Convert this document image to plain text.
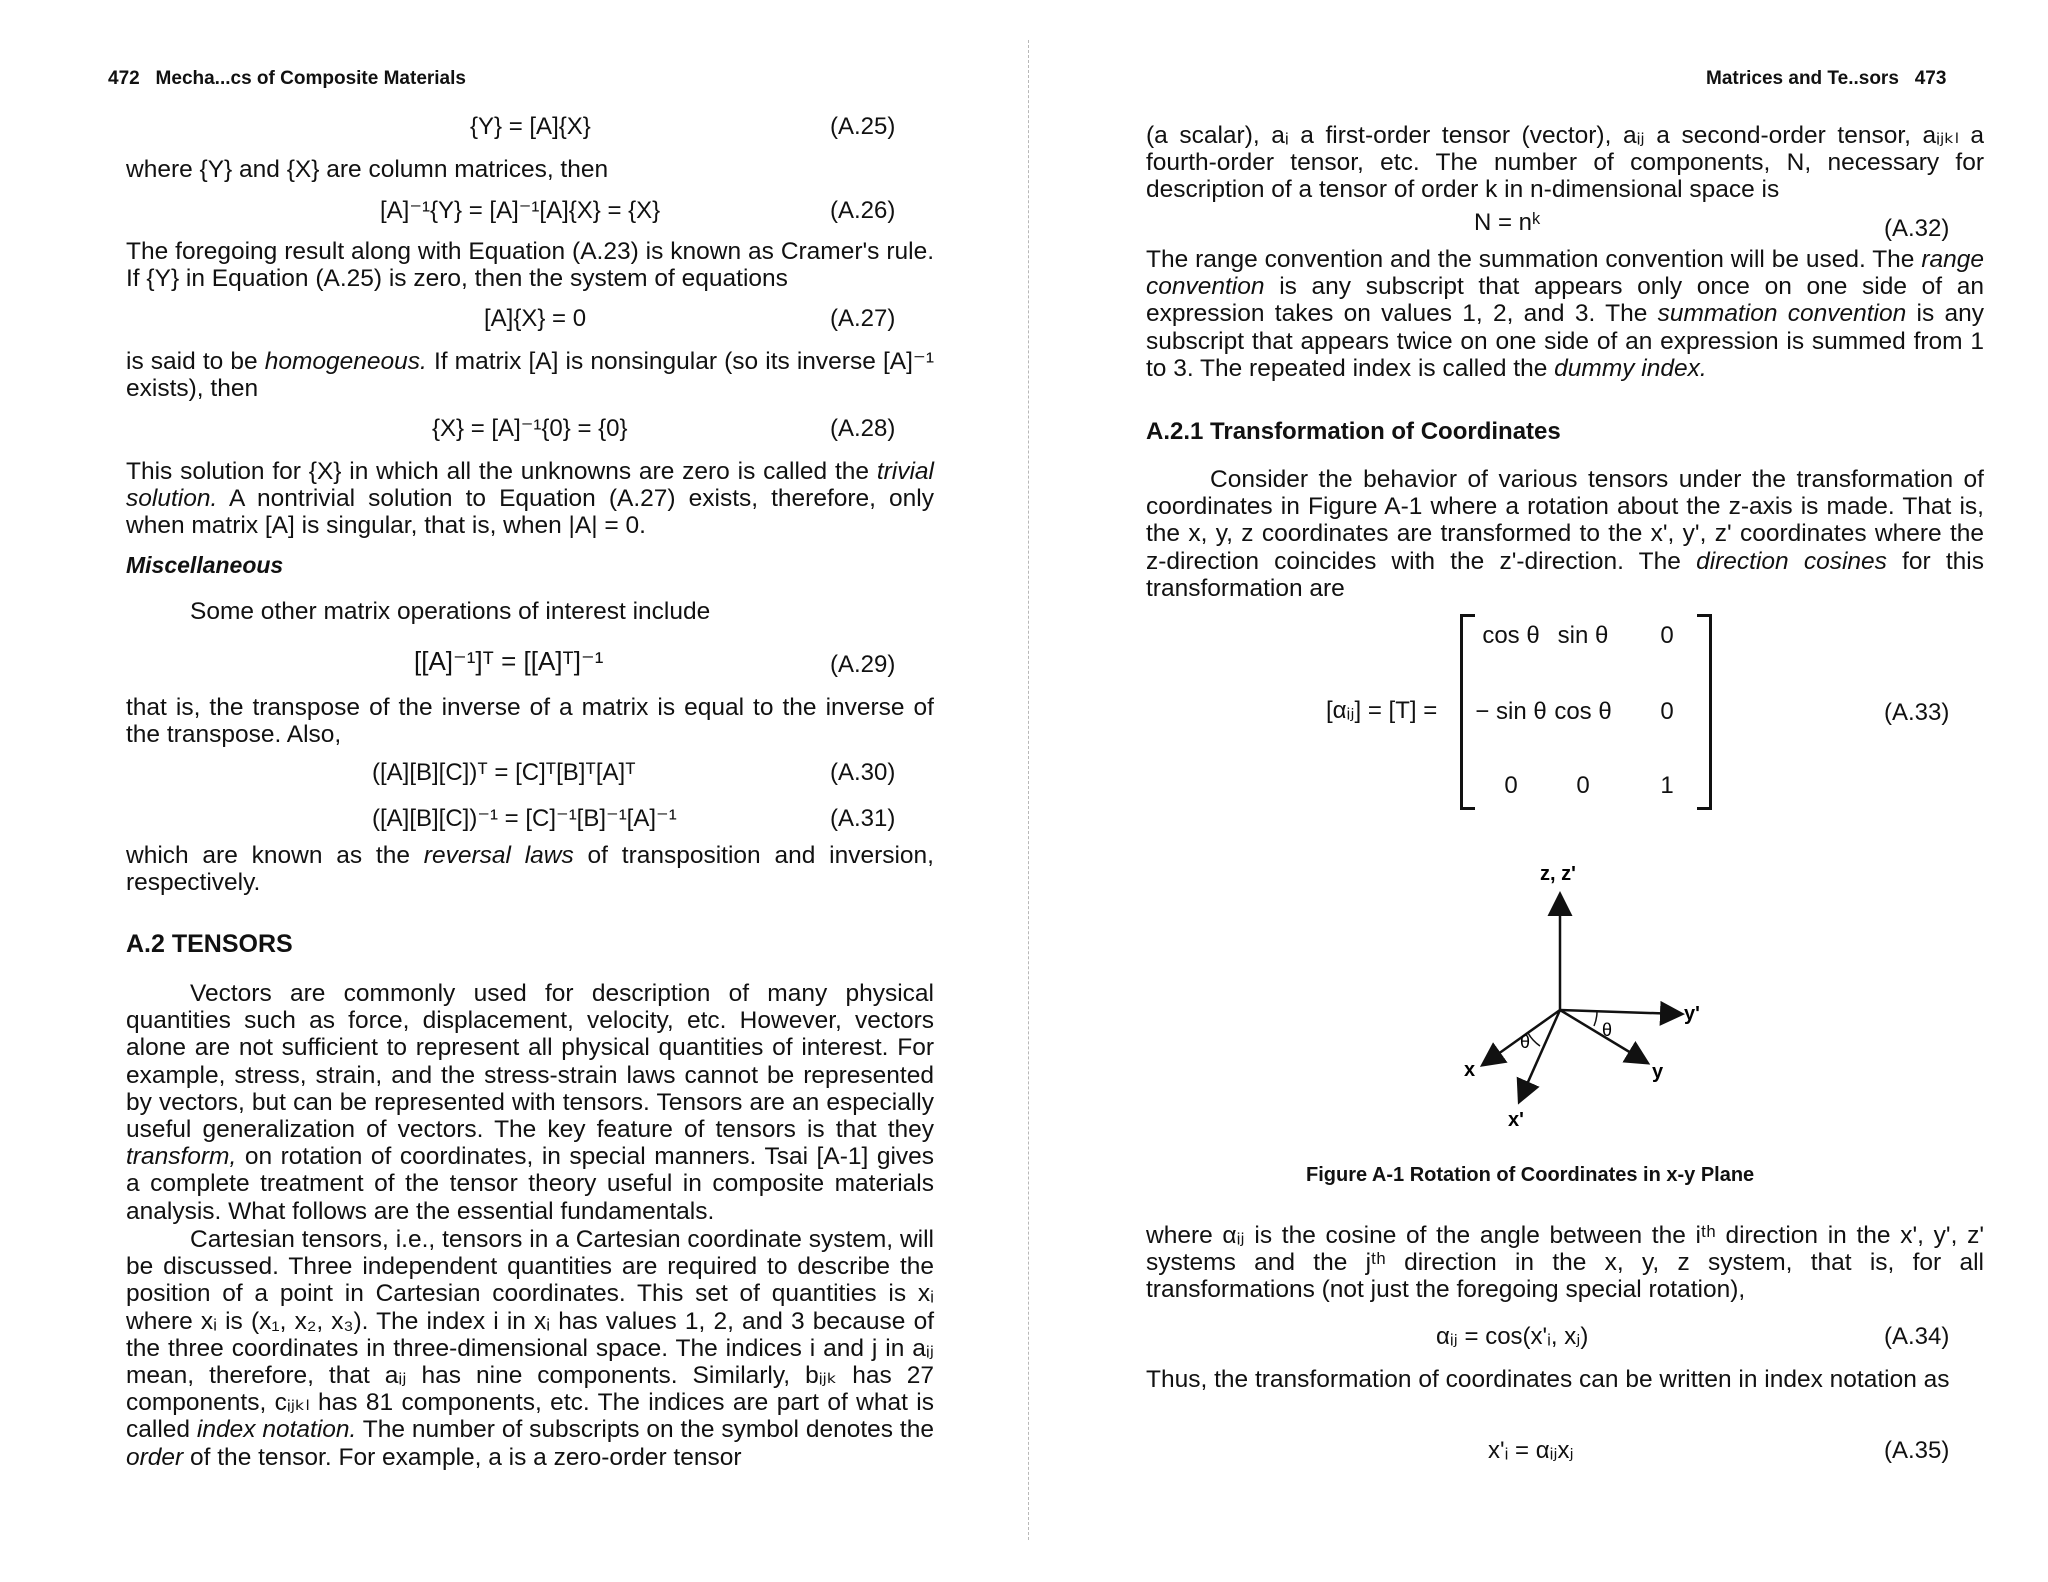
472 Mecha...cs of Composite Materials
{Y} = [A]{X}	(A.25)
where {Y} and {X} are column matrices, then
[A]⁻¹{Y} = [A]⁻¹[A]{X} = {X}	(A.26)
The foregoing result along with Equation (A.23) is known as Cramer's rule. If {Y} in Equation (A.25) is zero, then the system of equations
[A]{X} = 0	(A.27)
is said to be homogeneous. If matrix [A] is nonsingular (so its inverse [A]⁻¹ exists), then
{X} = [A]⁻¹{0} = {0}	(A.28)
This solution for {X} in which all the unknowns are zero is called the trivial solution. A nontrivial solution to Equation (A.27) exists, therefore, only when matrix [A] is singular, that is, when |A| = 0.
Miscellaneous
Some other matrix operations of interest include
[[A]⁻¹]ᵀ = [[A]ᵀ]⁻¹	(A.29)
that is, the transpose of the inverse of a matrix is equal to the inverse of the transpose. Also,
([A][B][C])ᵀ = [C]ᵀ[B]ᵀ[A]ᵀ	(A.30)
([A][B][C])⁻¹ = [C]⁻¹[B]⁻¹[A]⁻¹	(A.31)
which are known as the reversal laws of transposition and inversion, respectively.
A.2 TENSORS
Vectors are commonly used for description of many physical quantities such as force, displacement, velocity, etc. However, vectors alone are not sufficient to represent all physical quantities of interest. For example, stress, strain, and the stress-strain laws cannot be represented by vectors, but can be represented with tensors. Tensors are an especially useful generalization of vectors. The key feature of tensors is that they transform, on rotation of coordinates, in special manners. Tsai [A-1] gives a complete treatment of the tensor theory useful in composite materials analysis. What follows are the essential fundamentals.
Cartesian tensors, i.e., tensors in a Cartesian coordinate system, will be discussed. Three independent quantities are required to describe the position of a point in Cartesian coordinates. This set of quantities is xᵢ where xᵢ is (x₁, x₂, x₃). The index i in xᵢ has values 1, 2, and 3 because of the three coordinates in three-dimensional space. The indices i and j in aᵢⱼ mean, therefore, that aᵢⱼ has nine components. Similarly, bᵢⱼₖ has 27 components, cᵢⱼₖₗ has 81 components, etc. The indices are part of what is called index notation. The number of subscripts on the symbol denotes the order of the tensor. For example, a is a zero-order tensor
Matrices and Te..sors 473
(a scalar), aᵢ a first-order tensor (vector), aᵢⱼ a second-order tensor, aᵢⱼₖₗ a fourth-order tensor, etc. The number of components, N, necessary for description of a tensor of order k in n-dimensional space is
N = nᵏ	(A.32)
The range convention and the summation convention will be used. The range convention is any subscript that appears only once on one side of an expression takes on values 1, 2, and 3. The summation convention is any subscript that appears twice on one side of an expression is summed from 1 to 3. The repeated index is called the dummy index.
A.2.1 Transformation of Coordinates
Consider the behavior of various tensors under the transformation of coordinates in Figure A-1 where a rotation about the z-axis is made. That is, the x, y, z coordinates are transformed to the x', y', z' coordinates where the z-direction coincides with the z'-direction. The direction cosines for this transformation are
[αᵢⱼ] = [T] =
cos θ sin θ	0
− sin θ cos θ	0
0	0	1
(A.33)
z, z'
y'
y
x
x'
θ
θ
Figure A-1 Rotation of Coordinates in x-y Plane
where αᵢⱼ is the cosine of the angle between the iᵗʰ direction in the x', y', z' systems and the jᵗʰ direction in the x, y, z system, that is, for all transformations (not just the foregoing special rotation),
αᵢⱼ = cos(x'ᵢ, xⱼ)	(A.34)
Thus, the transformation of coordinates can be written in index notation as
x'ᵢ = αᵢⱼxⱼ	(A.35)
